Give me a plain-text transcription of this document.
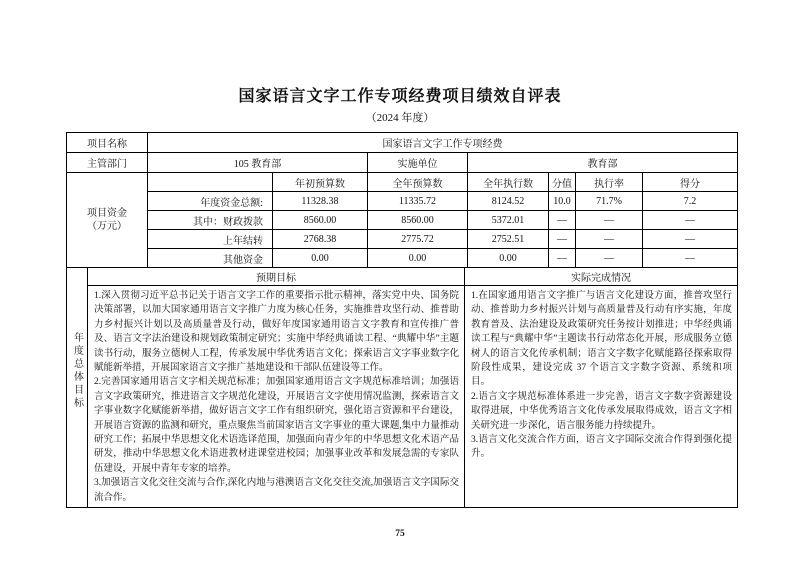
国家语言文字工作专项经费项目绩效自评表
（2024 年度）
项目名称	国家语言文字工作专项经费						
主管部门	105 教育部		实施单位	教育部			

项目资金
（万元）		年初预算数	全年预算数	全年执行数	分值	执行率	得分
	年度资金总额:	11328.38	11335.72	8124.52	10.0	71.7%	7.2
	其中：财政拨款	8560.00	8560.00	5372.01	—	—	—
	上年结转	2768.38	2775.72	2752.51	—	—	—
	其他资金	0.00	0.00	0.00	—	—	—
年度总体目标	预期目标	实际完成情况

1.深入贯彻习近平总书记关于语言文字工作的重要指示批示精神，落实党中央、国务院决策部署，以加大国家通用语言文字推广力度为核心任务，实施推普攻坚行动、推普助力乡村振兴计划以及高质量普及行动，做好年度国家通用语言文字教育和宣传推广普及、语言文字法治建设和规划政策制定研究；实施中华经典诵读工程、“典耀中华”主题读书行动，服务立德树人工程，传承发展中华优秀语言文化；探索语言文字事业数字化赋能新举措，开展国家语言文字推广基地建设和干部队伍建设等工作。
2.完善国家通用语言文字相关规范标准；加强国家通用语言文字规范标准培训；加强语言文字政策研究，推进语言文字规范化建设，开展语言文字使用情况监测，探索语言文字事业数字化赋能新举措，做好语言文字工作有组织研究，强化语言资源和平台建设，开展语言资源的监测和研究，重点聚焦当前国家语言文字事业的重大课题,集中力量推动研究工作；拓展中华思想文化术语选译范围，加强面向青少年的中华思想文化术语产品研发，推动中华思想文化术语进教材进课堂进校园；加强事业改革和发展急需的专家队伍建设，开展中青年专家的培养。
3.加强语言文化交往交流与合作,深化内地与港澳语言文化交往交流,加强语言文字国际交流合作。

1.在国家通用语言文字推广与语言文化建设方面，推普攻坚行动、推普助力乡村振兴计划与高质量普及行动有序实施，年度教育普及、法治建设及政策研究任务按计划推进；中华经典诵读工程与“典耀中华”主题读书行动常态化开展，形成服务立德树人的语言文化传承机制；语言文字数字化赋能路径探索取得阶段性成果，建设完成 37 个语言文字数字资源、系统和项目。
2.语言文字规范标准体系进一步完善，语言文字数字资源建设取得进展，中华优秀语言文化传承发展取得成效，语言文字相关研究进一步深化，语言服务能力持续提升。
3.语言文化交流合作方面，语言文字国际交流合作得到强化提升。
75
